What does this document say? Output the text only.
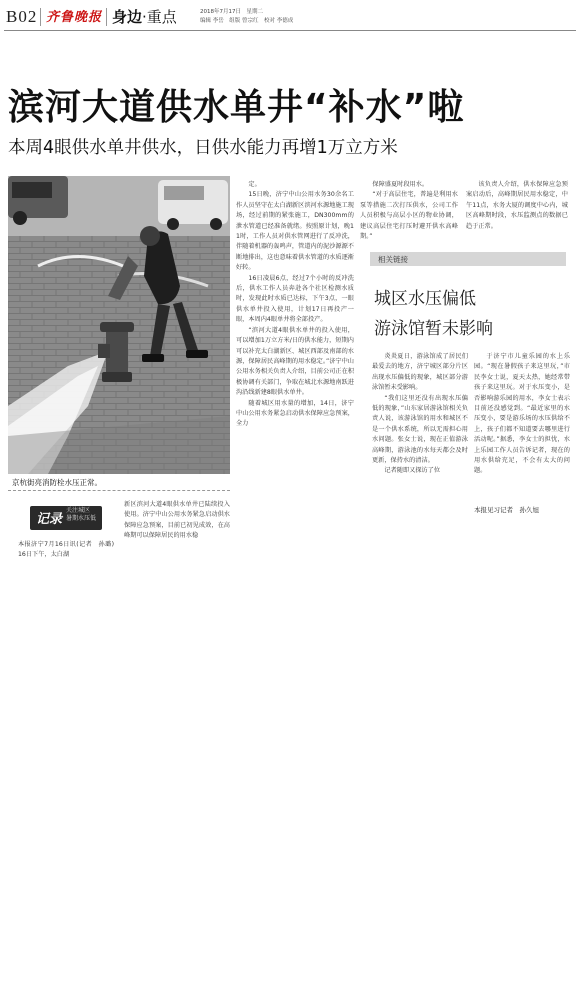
B02 齐鲁晚报 身边·重点	2018年7月17日　星期二
编辑 李岳　组版 曾宗红　校对 李德成
滨河大道供水单井“补水”啦
本周4眼供水单井供水，日供水能力再增1万立方米
京杭街亮消防栓水压正常。
记录
关注城区
暑期水压低
本报济宁7月16日讯(记者　孙璐)　16日下午，太白湖
新区滨河大道4眼供水单井已陆续投入使用。济宁中山公用水务紧急启动供水保障应急预案，目前已初见成效，在高峰期可以保障居民的用水稳

定。

15日晚，济宁中山公用水务30余名工作人员坚守在太白湖新区滨河水源地施工现场，经过前期的紧张施工，DN300mm的泄水管道已经准备就绪。按照原计划，晚11时，工作人员对供水管网进行了反冲洗，伴随着机器的轰鸣声，管道内的泥沙源源不断地排出，这也意味着供水管道的水质逐渐好转。

16日凌晨6点，经过7个小时的反冲洗后，供水工作人员奔赴各个社区检测水质时，发现此时水质已达标，下午3点，一眼供水单井投入使用，计划17日再投产一眼，本周内4眼单井将全部投产。

“滨河大道4眼供水单井的投入使用，可以增加1万立方米/日的供水能力，短期内可以补充太白湖新区、城区西部及南部的水源，保障居民高峰期的用水稳定。”济宁中山公用水务相关负责人介绍，目前公司正在积极协调有关部门，争取在城北水源地南跃进沟沿线新建8眼供水单井。

随着城区用水量的增加，14日，济宁中山公用水务紧急启动供水保障应急预案，全力

保障盛夏时段用水。

“对于高层住宅，普遍是利用水泵等措施二次打压供水，公司工作人员积极与高层小区的物业协调，建议高层住宅打压时避开供水高峰期。”

该负责人介绍，供水保障应急预案启动后，高峰期居民用水稳定，中午11点，水务大厦的调度中心内，城区高峰期时段，水压监测点的数据已趋于正常。

相关链接
城区水压偏低
游泳馆暂未影响

炎炎夏日，游泳馆成了居民们最爱去的地方，济宁城区部分片区出现水压偏低的现象，城区部分游泳馆暂未受影响。

“我们这里还没有出现水压偏低的现象，”山东家居游泳馆相关负责人说，该游泳馆的用水和城区不是一个供水系统，所以无需担心用水问题。张女士说，现在正值游泳高峰期，游泳池的水每天都会及时更新，保持水的清洁。

记者随即又探访了位

于济宁市儿童乐园的水上乐园。“现在暑假孩子来这里玩，”市民李女士说，夏天太热，她经常带孩子来这里玩。对于水压变小，是否影响游乐园的用水，李女士表示目前还没感觉到。“最近家里的水压变小，要是游乐场的水压供给不上，孩子们都不知道要去哪里进行活动呢。”据悉，李女士的担忧，水上乐园工作人员告诉记者，现在的用水供给充足，不会有太大的问题。

本报见习记者　孙久旭
